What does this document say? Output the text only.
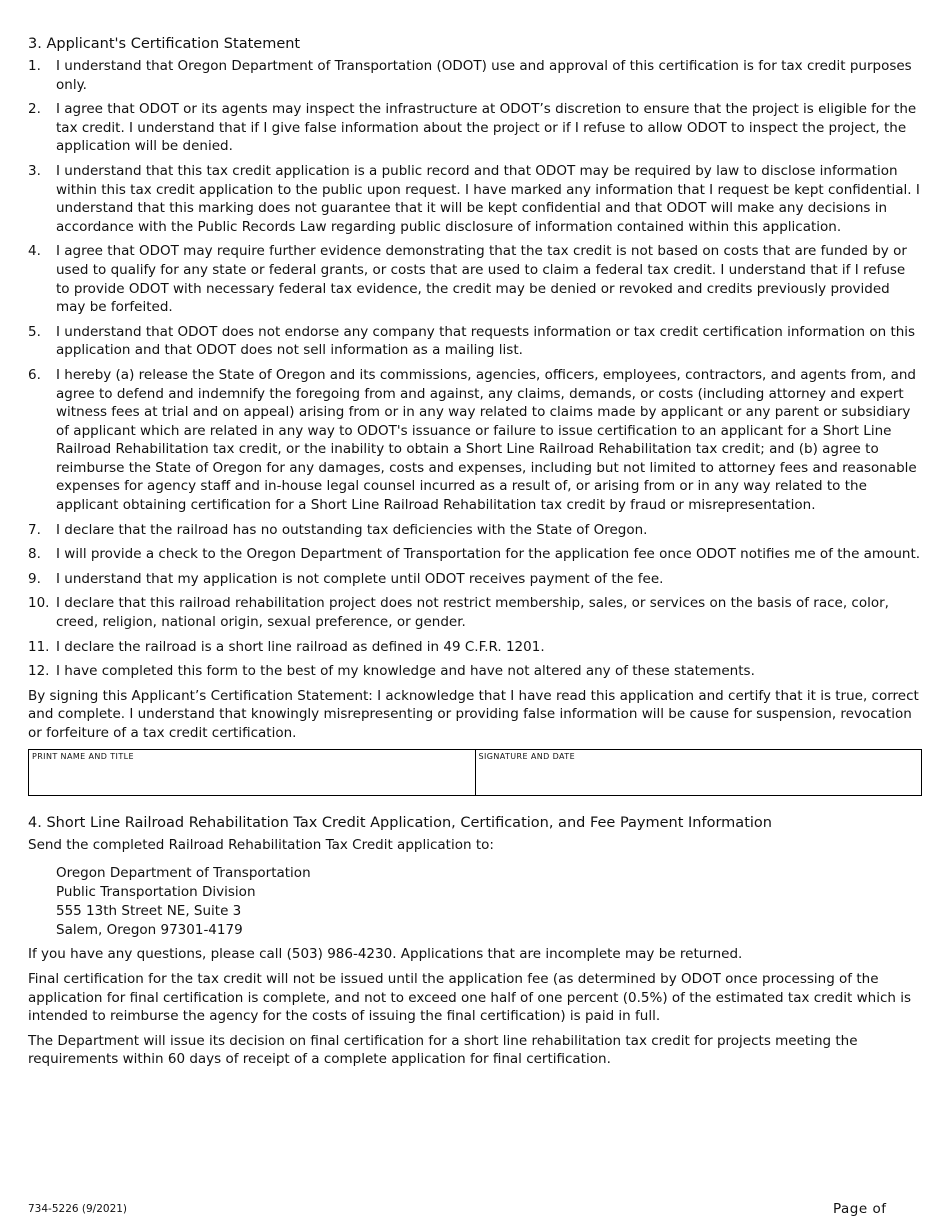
3. Applicant's Certification Statement
1.	I understand that Oregon Department of Transportation (ODOT) use and approval of this certification is for tax credit purposes only.
2.	I agree that ODOT or its agents may inspect the infrastructure at ODOT’s discretion to ensure that the project is eligible for the tax credit. I understand that if I give false information about the project or if I refuse to allow ODOT to inspect the project, the application will be denied.
3.	I understand that this tax credit application is a public record and that ODOT may be required by law to disclose information within this tax credit application to the public upon request. I have marked any information that I request be kept confidential. I understand that this marking does not guarantee that it will be kept confidential and that ODOT will make any decisions in accordance with the Public Records Law regarding public disclosure of information contained within this application.
4.	I agree that ODOT may require further evidence demonstrating that the tax credit is not based on costs that are funded by or used to qualify for any state or federal grants, or costs that are used to claim a federal tax credit. I understand that if I refuse to provide ODOT with necessary federal tax evidence, the credit may be denied or revoked and credits previously provided may be forfeited.
5.	I understand that ODOT does not endorse any company that requests information or tax credit certification information on this application and that ODOT does not sell information as a mailing list.
6.	I hereby (a) release the State of Oregon and its commissions, agencies, officers, employees, contractors, and agents from, and agree to defend and indemnify the foregoing from and against, any claims, demands, or costs (including attorney and expert witness fees at trial and on appeal) arising from or in any way related to claims made by applicant or any parent or subsidiary of applicant which are related in any way to ODOT's issuance or failure to issue certification to an applicant for a Short Line Railroad Rehabilitation tax credit, or the inability to obtain a Short Line Railroad Rehabilitation tax credit; and (b) agree to reimburse the State of Oregon for any damages, costs and expenses, including but not limited to attorney fees and reasonable expenses for agency staff and in-house legal counsel incurred as a result of, or arising from or in any way related to the applicant obtaining certification for a Short Line Railroad Rehabilitation tax credit by fraud or misrepresentation.
7.	I declare that the railroad has no outstanding tax deficiencies with the State of Oregon.
8.	I will provide a check to the Oregon Department of Transportation for the application fee once ODOT notifies me of the amount.
9.	I understand that my application is not complete until ODOT receives payment of the fee.
10. I declare that this railroad rehabilitation project does not restrict membership, sales, or services on the basis of race, color, creed, religion, national origin, sexual preference, or gender.
11. I declare the railroad is a short line railroad as defined in 49 C.F.R. 1201.
12. I have completed this form to the best of my knowledge and have not altered any of these statements.
By signing this Applicant’s Certification Statement: I acknowledge that I have read this application and certify that it is true, correct and complete. I understand that knowingly misrepresenting or providing false information will be cause for suspension, revocation or forfeiture of a tax credit certification.
PRINT NAME AND TITLE	SIGNATURE AND DATE
4. Short Line Railroad Rehabilitation Tax Credit Application, Certification, and Fee Payment Information
Send the completed Railroad Rehabilitation Tax Credit application to:
Oregon Department of Transportation
Public Transportation Division
555 13th Street NE, Suite 3
Salem, Oregon 97301-4179
If you have any questions, please call (503) 986-4230. Applications that are incomplete may be returned.
Final certification for the tax credit will not be issued until the application fee (as determined by ODOT once processing of the application for final certification is complete, and not to exceed one half of one percent (0.5%) of the estimated tax credit which is intended to reimburse the agency for the costs of issuing the final certification) is paid in full.
The Department will issue its decision on final certification for a short line rehabilitation tax credit for projects meeting the requirements within 60 days of receipt of a complete application for final certification.
734-5226 (9/2021)	Page of
